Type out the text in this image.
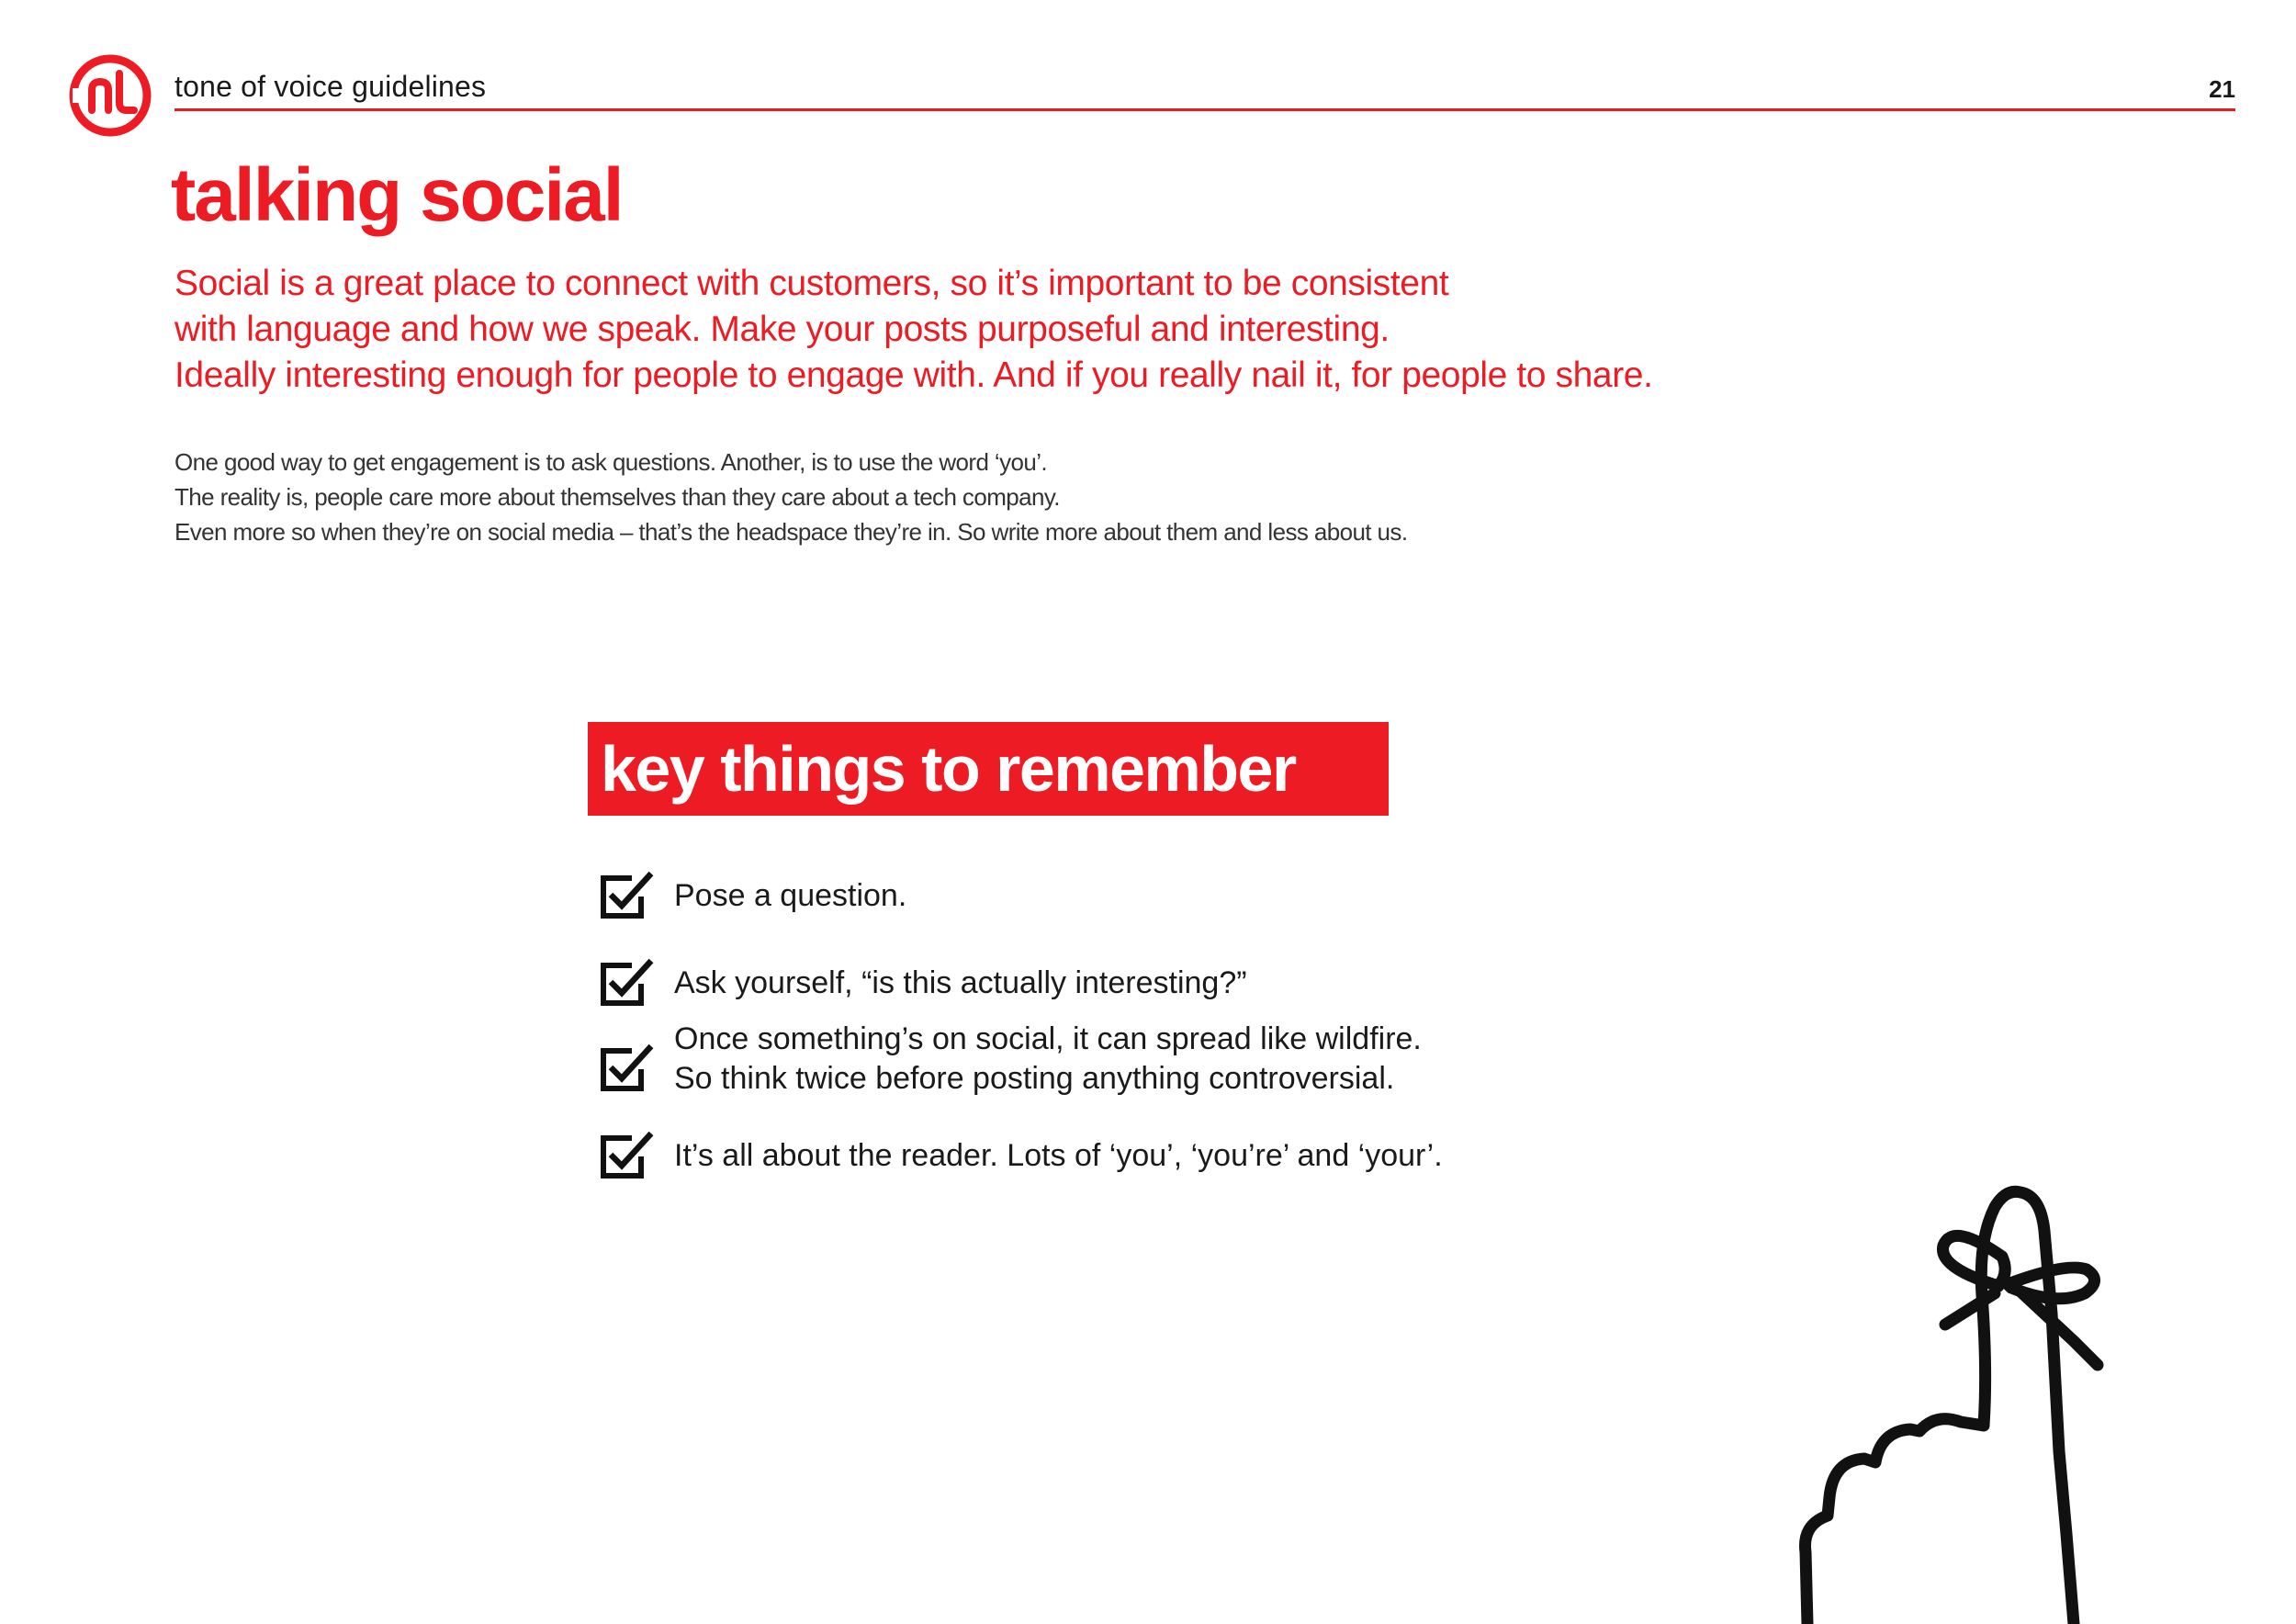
tone of voice guidelines	21
talking social

Social is a great place to connect with customers, so it’s important to be consistent
with language and how we speak. Make your posts purposeful and interesting.
Ideally interesting enough for people to engage with. And if you really nail it, for people to share.

One good way to get engagement is to ask questions. Another, is to use the word ‘you’.
The reality is, people care more about themselves than they care about a tech company.
Even more so when they’re on social media – that’s the headspace they’re in. So write more about them and less about us.

key things to remember
Pose a question.
Ask yourself, “is this actually interesting?”
Once something’s on social, it can spread like wildfire.
So think twice before posting anything controversial.
It’s all about the reader. Lots of ‘you’, ‘you’re’ and ‘your’.
